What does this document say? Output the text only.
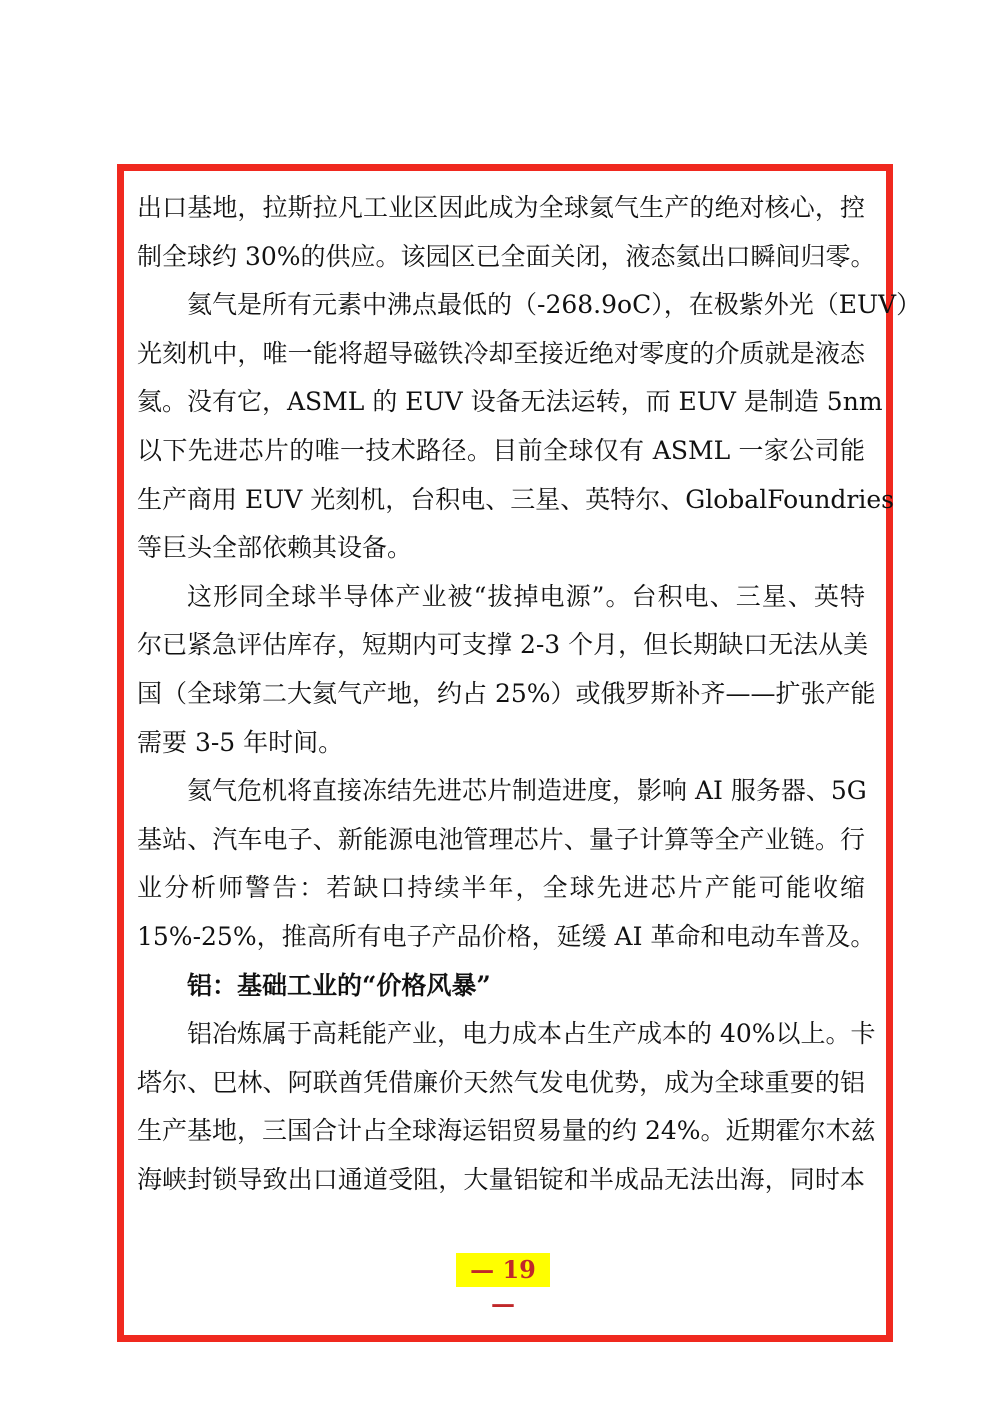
出口基地，拉斯拉凡工业区因此成为全球氦气生产的绝对核心，控
制全球约 30%的供应。该园区已全面关闭，液态氦出口瞬间归零。
氦气是所有元素中沸点最低的（-268.9oC），在极紫外光（EUV）
光刻机中，唯一能将超导磁铁冷却至接近绝对零度的介质就是液态
氦。没有它，ASML 的 EUV 设备无法运转，而 EUV 是制造 5nm
以下先进芯片的唯一技术路径。目前全球仅有 ASML 一家公司能
生产商用 EUV 光刻机，台积电、三星、英特尔、GlobalFoundries
等巨头全部依赖其设备。
这形同全球半导体产业被“拔掉电源”。台积电、三星、英特
尔已紧急评估库存，短期内可支撑 2-3 个月，但长期缺口无法从美
国（全球第二大氦气产地，约占 25%）或俄罗斯补齐——扩张产能
需要 3-5 年时间。
氦气危机将直接冻结先进芯片制造进度，影响 AI 服务器、5G
基站、汽车电子、新能源电池管理芯片、量子计算等全产业链。行
业分析师警告：若缺口持续半年，全球先进芯片产能可能收缩
15%-25%，推高所有电子产品价格，延缓 AI 革命和电动车普及。
铝：基础工业的“价格风暴”
铝冶炼属于高耗能产业，电力成本占生产成本的 40%以上。卡
塔尔、巴林、阿联酋凭借廉价天然气发电优势，成为全球重要的铝
生产基地，三国合计占全球海运铝贸易量的约 24%。近期霍尔木兹
海峡封锁导致出口通道受阻，大量铝锭和半成品无法出海，同时本
— 19 —
